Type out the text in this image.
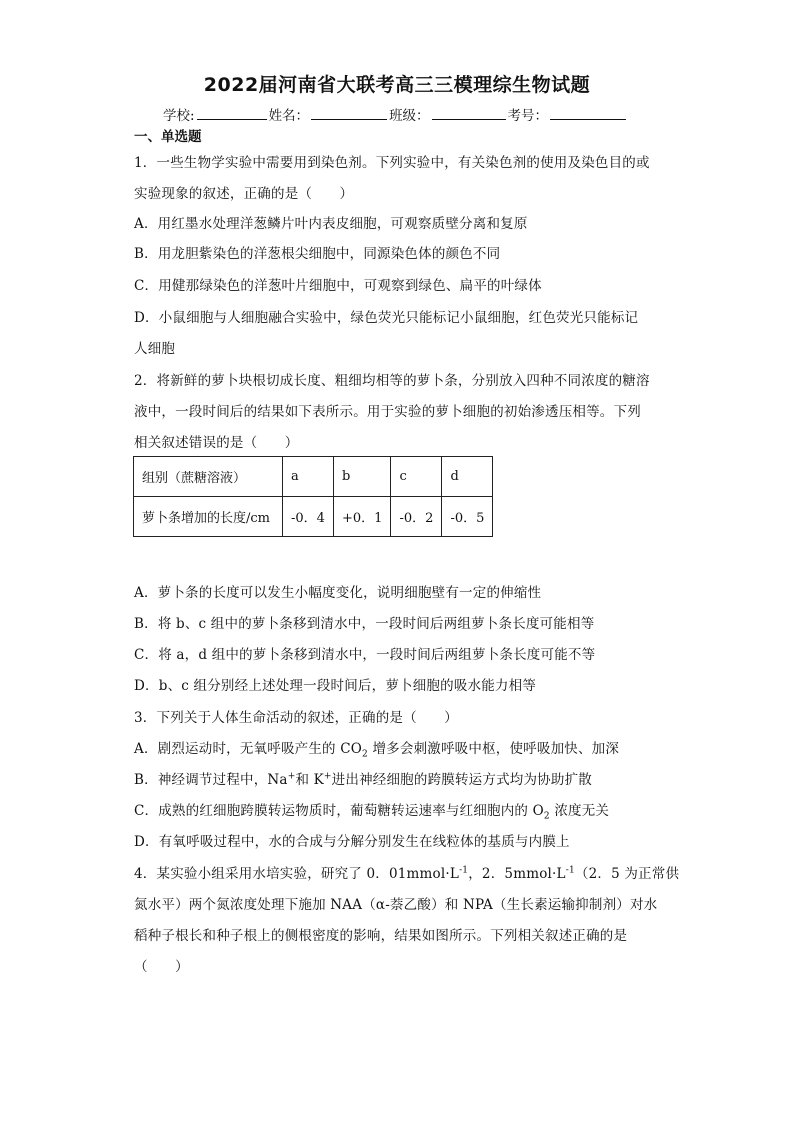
2022届河南省大联考高三三模理综生物试题
学校:	姓名：	班级：	考号：
一、单选题
1．一些生物学实验中需要用到染色剂。下列实验中，有关染色剂的使用及染色目的或
实验现象的叙述，正确的是（　　）
A．用红墨水处理洋葱鳞片叶内表皮细胞，可观察质壁分离和复原
B．用龙胆紫染色的洋葱根尖细胞中，同源染色体的颜色不同
C．用健那绿染色的洋葱叶片细胞中，可观察到绿色、扁平的叶绿体
D．小鼠细胞与人细胞融合实验中，绿色荧光只能标记小鼠细胞，红色荧光只能标记
人细胞
2．将新鲜的萝卜块根切成长度、粗细均相等的萝卜条，分别放入四种不同浓度的糖溶
液中，一段时间后的结果如下表所示。用于实验的萝卜细胞的初始渗透压相等。下列
相关叙述错误的是（　　）
组别（蔗糖溶液）	a	b	c	d
萝卜条增加的长度/cm	-0．4	+0．1	-0．2	-0．5
A．萝卜条的长度可以发生小幅度变化，说明细胞壁有一定的伸缩性
B．将 b、c 组中的萝卜条移到清水中，一段时间后两组萝卜条长度可能相等
C．将 a，d 组中的萝卜条移到清水中，一段时间后两组萝卜条长度可能不等
D．b、c 组分别经上述处理一段时间后，萝卜细胞的吸水能力相等
3．下列关于人体生命活动的叙述，正确的是（　　）
A．剧烈运动时，无氧呼吸产生的 $CO_2$ 增多会刺激呼吸中枢，使呼吸加快、加深
B．神经调节过程中，Na+和 K+进出神经细胞的跨膜转运方式均为协助扩散
C．成熟的红细胞跨膜转运物质时，葡萄糖转运速率与红细胞内的 $O_2$ 浓度无关
D．有氧呼吸过程中，水的合成与分解分别发生在线粒体的基质与内膜上
4．某实验小组采用水培实验，研究了 0．$01mmol\cdot L^{-1}$，2．$5mmol\cdot L^{-1}(2$．5 为正常供
氮水平）两个氮浓度处理下施加 NAA（α-萘乙酸）和 NPA（生长素运输抑制剂）对水
稻种子根长和种子根上的侧根密度的影响，结果如图所示。下列相关叙述正确的是
（　　）
